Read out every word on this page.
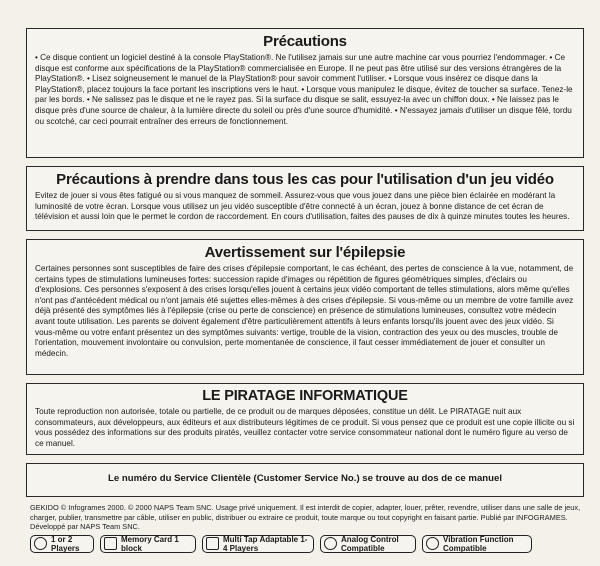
Précautions

• Ce disque contient un logiciel destiné à la console PlayStation®. Ne l'utilisez jamais sur une autre machine car vous pourriez l'endommager. • Ce disque est conforme aux spécifications de la PlayStation® commercialisée en Europe. Il ne peut pas être utilisé sur des versions étrangères de la PlayStation®. • Lisez soigneusement le manuel de la PlayStation® pour savoir comment l'utiliser. • Lorsque vous insérez ce disque dans la PlayStation®, placez toujours la face portant les inscriptions vers le haut. • Lorsque vous manipulez le disque, évitez de toucher sa surface. Tenez-le par les bords. • Ne salissez pas le disque et ne le rayez pas. Si la surface du disque se salit, essuyez-la avec un chiffon doux. • Ne laissez pas le disque près d'une source de chaleur, à la lumière directe du soleil ou près d'une source d'humidité. • N'essayez jamais d'utiliser un disque fêlé, tordu ou scotché, car ceci pourrait entraîner des erreurs de fonctionnement.

Précautions à prendre dans tous les cas pour l'utilisation d'un jeu vidéo

Evitez de jouer si vous êtes fatigué ou si vous manquez de sommeil. Assurez-vous que vous jouez dans une pièce bien éclairée en modérant la luminosité de votre écran. Lorsque vous utilisez un jeu vidéo susceptible d'être connecté à un écran, jouez à bonne distance de cet écran de télévision et aussi loin que le permet le cordon de raccordement. En cours d'utilisation, faites des pauses de dix à quinze minutes toutes les heures.

Avertissement sur l'épilepsie

Certaines personnes sont susceptibles de faire des crises d'épilepsie comportant, le cas échéant, des pertes de conscience à la vue, notamment, de certains types de stimulations lumineuses fortes: succession rapide d'images ou répétition de figures géométriques simples, d'éclairs ou d'explosions. Ces personnes s'exposent à des crises lorsqu'elles jouent à certains jeux vidéo comportant de telles stimulations, alors même qu'elles n'ont pas d'antécédent médical ou n'ont jamais été sujettes elles-mêmes à des crises d'épilepsie. Si vous-même ou un membre de votre famille avez déjà présenté des symptômes liés à l'épilepsie (crise ou perte de conscience) en présence de stimulations lumineuses, consultez votre médecin avant toute utilisation. Les parents se doivent également d'être particulièrement attentifs à leurs enfants lorsqu'ils jouent avec des jeux vidéo. Si vous-même ou votre enfant présentez un des symptômes suivants: vertige, trouble de la vision, contraction des yeux ou des muscles, trouble de l'orientation, mouvement involontaire ou convulsion, perte momentanée de conscience, il faut cesser immédiatement de jouer et consulter un médecin.

LE PIRATAGE INFORMATIQUE

Toute reproduction non autorisée, totale ou partielle, de ce produit ou de marques déposées, constitue un délit. Le PIRATAGE nuit aux consommateurs, aux développeurs, aux éditeurs et aux distributeurs légitimes de ce produit. Si vous pensez que ce produit est une copie illicite ou si vous possédez des informations sur des produits piratés, veuillez contacter votre service consommateur national dont le numéro figure au verso de ce manuel.

Le numéro du Service Clientèle (Customer Service No.) se trouve au dos de ce manuel

GEKIDO © Infogrames 2000. © 2000 NAPS Team SNC. Usage privé uniquement. Il est interdit de copier, adapter, louer, prêter, revendre, utiliser dans une salle de jeux, charger, publier, transmettre par câble, utiliser en public, distribuer ou extraire ce produit, toute marque ou tout copyright en faisant partie. Publié par INFOGRAMES. Développé par NAPS Team SNC.
1 or 2 Players
Memory Card 1 block
Multi Tap Adaptable 1-4 Players
Analog Control Compatible
Vibration Function Compatible
